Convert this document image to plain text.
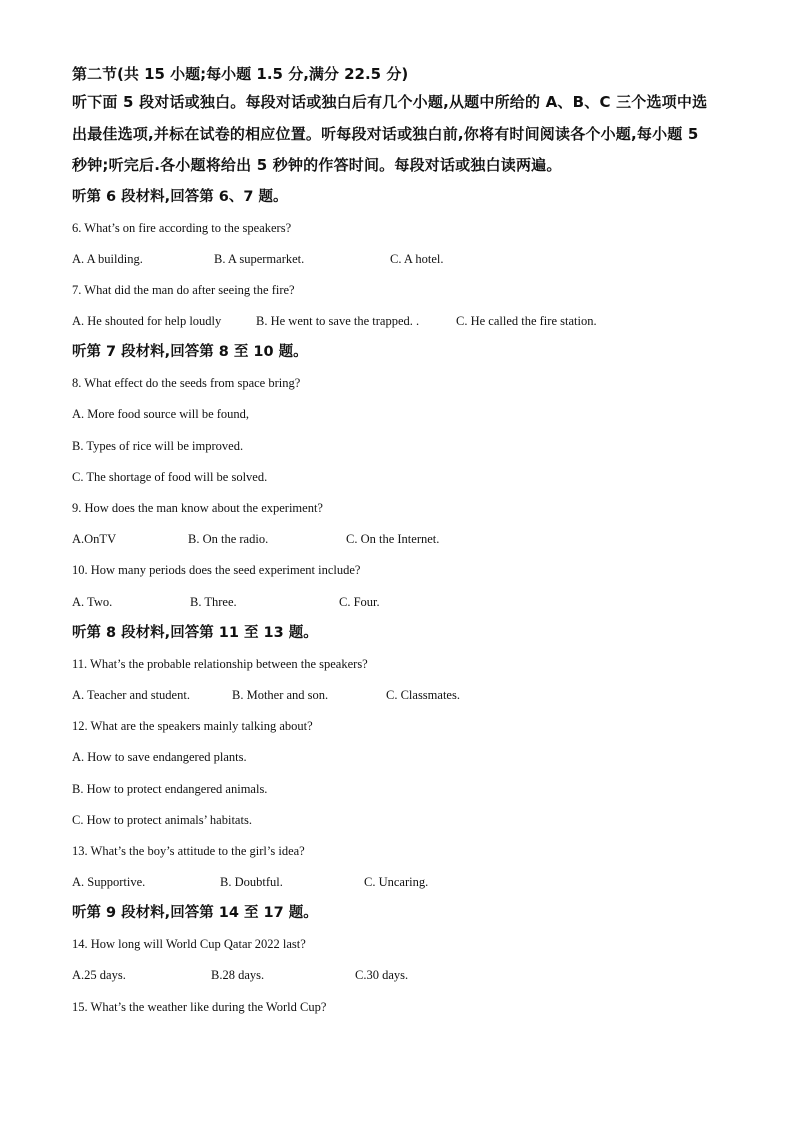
第二节(共 15 小题;每小题 1.5 分,满分 22.5 分)

听下面 5 段对话或独白。每段对话或独白后有几个小题,从题中所给的 A、B、C 三个选项中选
出最佳选项,并标在试卷的相应位置。听每段对话或独白前,你将有时间阅读各个小题,每小题 5
秒钟;听完后.各小题将给出 5 秒钟的作答时间。每段对话或独白读两遍。
听第 6 段材料,回答第 6、7 题。
6. What’s on fire according to the speakers?
A. A building.	B. A supermarket.	C. A hotel.
7. What did the man do after seeing the fire?
A. He shouted for help loudly	B. He went to save the trapped. .	C. He called the fire station.
听第 7 段材料,回答第 8 至 10 题。
8. What effect do the seeds from space bring?
A. More food source will be found,
B. Types of rice will be improved.
C. The shortage of food will be solved.
9. How does the man know about the experiment?
A.OnTV	B. On the radio.	C. On the Internet.
10. How many periods does the seed experiment include?
A. Two.	B. Three.	C. Four.
听第 8 段材料,回答第 11 至 13 题。
11. What’s the probable relationship between the speakers?
A. Teacher and student.	B. Mother and son.	C. Classmates.
12. What are the speakers mainly talking about?
A. How to save endangered plants.
B. How to protect endangered animals.
C. How to protect animals’ habitats.
13. What’s the boy’s attitude to the girl’s idea?
A. Supportive.	B. Doubtful.	C. Uncaring.
听第 9 段材料,回答第 14 至 17 题。
14. How long will World Cup Qatar 2022 last?
A.25 days.	B.28 days.	C.30 days.
15. What’s the weather like during the World Cup?
